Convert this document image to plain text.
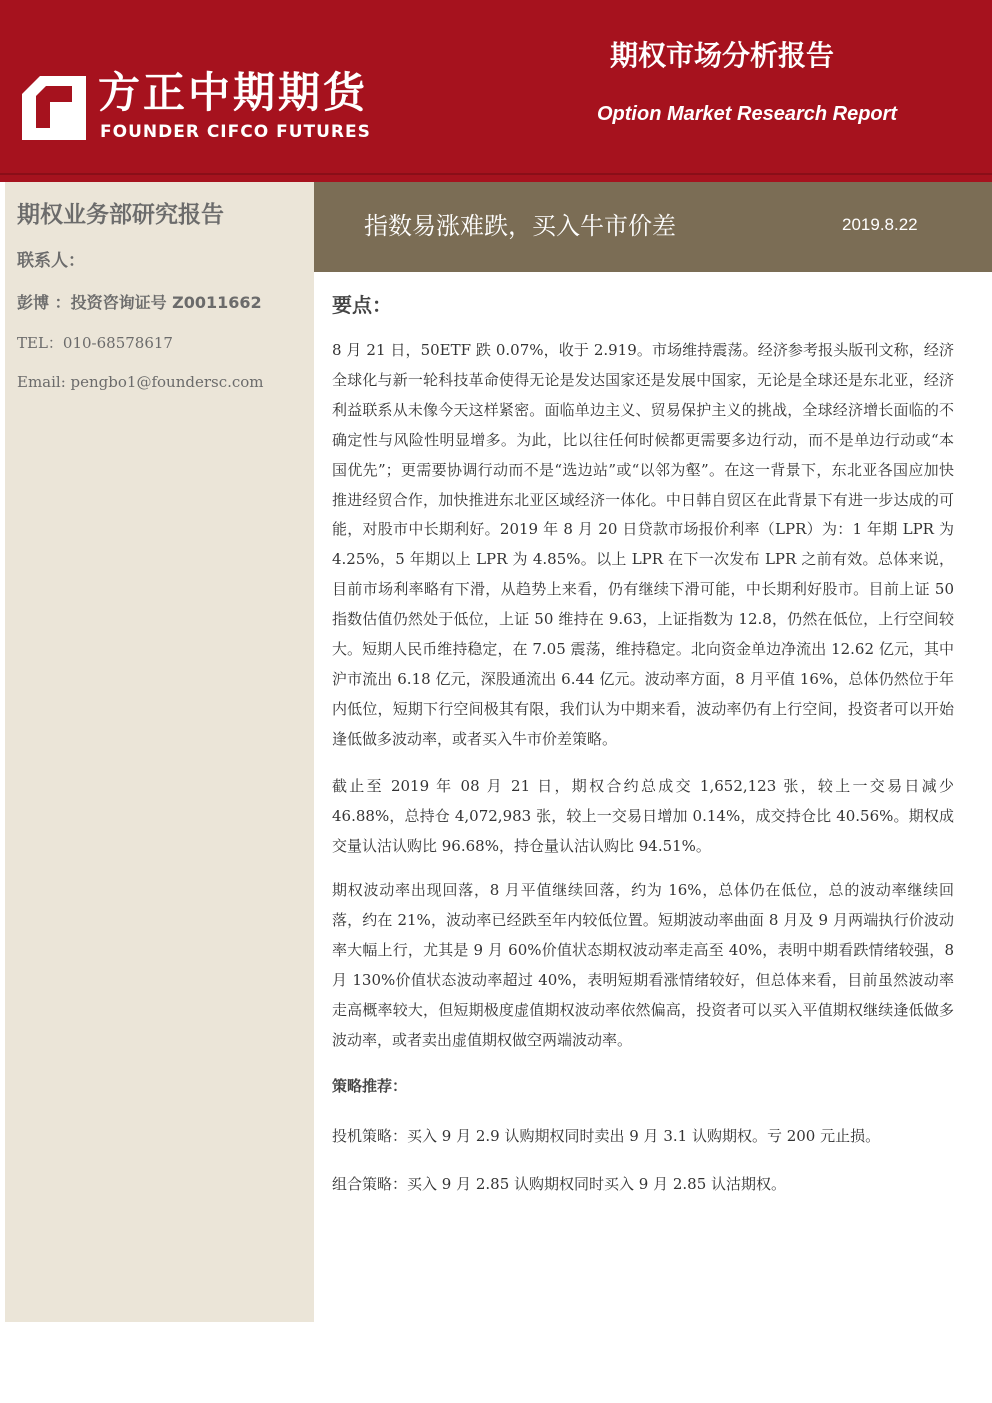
方正中期期货
FOUNDER CIFCO FUTURES
期权市场分析报告
Option Market Research Report
期权业务部研究报告
联系人：
彭博 ：投资咨询证号 Z0011662
TEL：010-68578617
Email: pengbo1@foundersc.com
指数易涨难跌，买入牛市价差	2019.8.22
要点：

8 月 21 日，50ETF 跌 0.07%，收于 2.919。市场维持震荡。经济参考报头版刊文称，经济全球化与新一轮科技革命使得无论是发达国家还是发展中国家，无论是全球还是东北亚，经济利益联系从未像今天这样紧密。面临单边主义、贸易保护主义的挑战，全球经济增长面临的不确定性与风险性明显增多。为此，比以往任何时候都更需要多边行动，而不是单边行动或“本国优先”；更需要协调行动而不是“选边站”或“以邻为壑”。在这一背景下，东北亚各国应加快推进经贸合作，加快推进东北亚区域经济一体化。中日韩自贸区在此背景下有进一步达成的可能，对股市中长期利好。2019 年 8 月 20 日贷款市场报价利率（LPR）为：1 年期 LPR 为 4.25%，5 年期以上 LPR 为 4.85%。以上 LPR 在下一次发布 LPR 之前有效。总体来说，目前市场利率略有下滑，从趋势上来看，仍有继续下滑可能，中长期利好股市。目前上证 50 指数估值仍然处于低位，上证 50 维持在 9.63，上证指数为 12.8，仍然在低位，上行空间较大。短期人民币维持稳定，在 7.05 震荡，维持稳定。北向资金单边净流出 12.62 亿元，其中沪市流出 6.18 亿元，深股通流出 6.44 亿元。波动率方面，8 月平值 16%，总体仍然位于年内低位，短期下行空间极其有限，我们认为中期来看，波动率仍有上行空间，投资者可以开始逢低做多波动率，或者买入牛市价差策略。

截止至 2019 年 08 月 21 日，期权合约总成交 1,652,123 张，较上一交易日减少 46.88%，总持仓 4,072,983 张，较上一交易日增加 0.14%，成交持仓比 40.56%。期权成交量认沽认购比 96.68%，持仓量认沽认购比 94.51%。

期权波动率出现回落，8 月平值继续回落，约为 16%，总体仍在低位，总的波动率继续回落，约在 21%，波动率已经跌至年内较低位置。短期波动率曲面 8 月及 9 月两端执行价波动率大幅上行，尤其是 9 月 60%价值状态期权波动率走高至 40%，表明中期看跌情绪较强，8 月 130%价值状态波动率超过 40%，表明短期看涨情绪较好，但总体来看，目前虽然波动率走高概率较大，但短期极度虚值期权波动率依然偏高，投资者可以买入平值期权继续逢低做多波动率，或者卖出虚值期权做空两端波动率。

策略推荐：
投机策略：买入 9 月 2.9 认购期权同时卖出 9 月 3.1 认购期权。亏 200 元止损。
组合策略：买入 9 月 2.85 认购期权同时买入 9 月 2.85 认沽期权。
